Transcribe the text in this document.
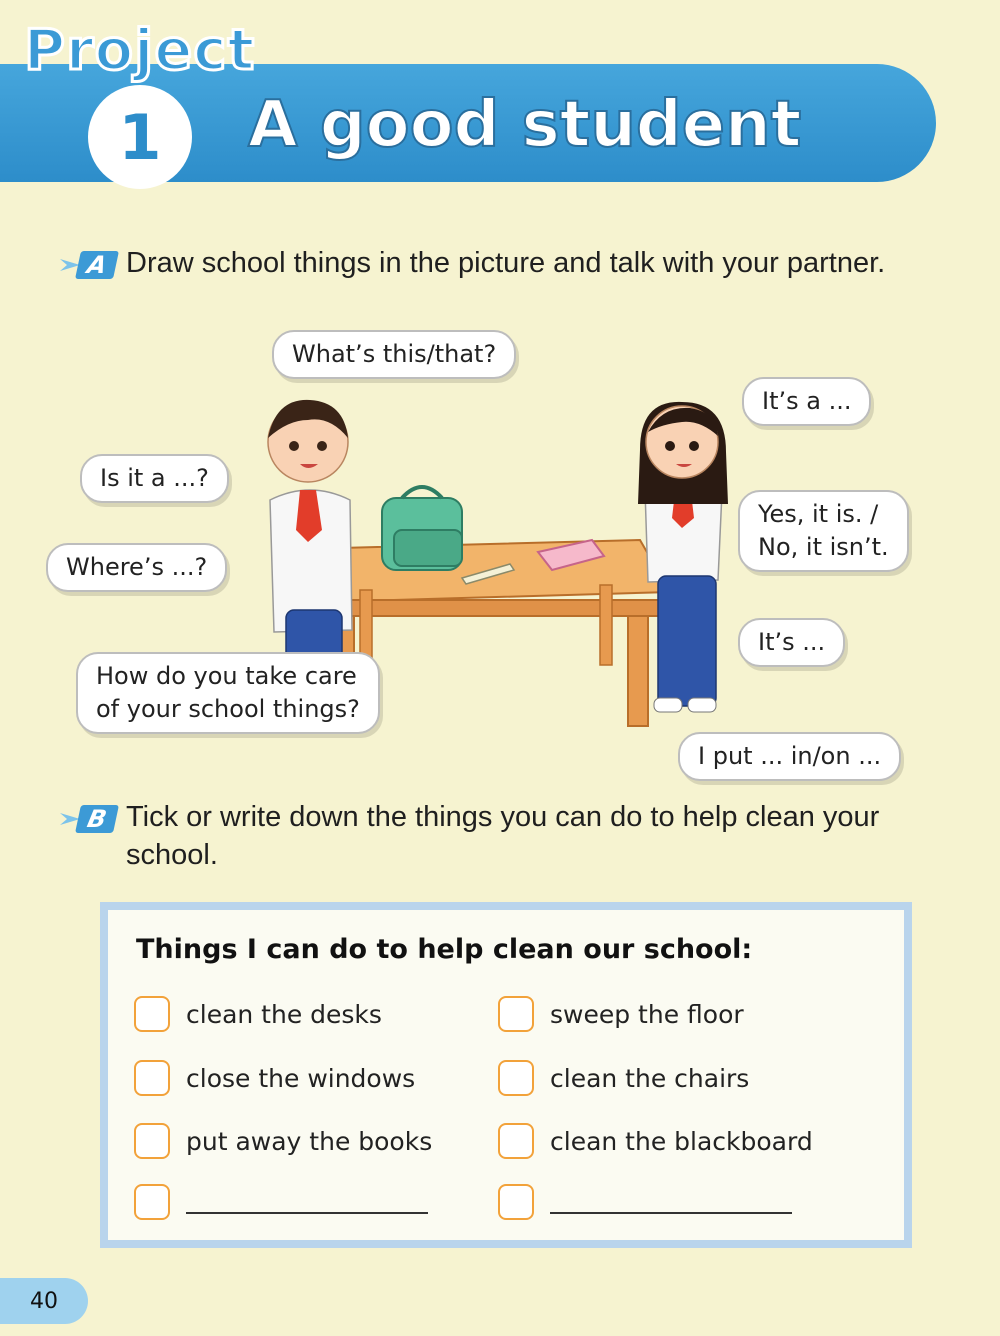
Project
1	A good student
A Draw school things in the picture and talk with your partner.
What’s this/that?
It’s a ...
Is it a ...?
Yes, it is. /
No, it isn’t.
Where’s ...?
It’s ...
How do you take care
of your school things?
I put ... in/on ...
B Tick or write down the things you can do to help clean your school.
Things I can do to help clean our school:
clean the desks
close the windows
put away the books
sweep the floor
clean the chairs
clean the blackboard
40
